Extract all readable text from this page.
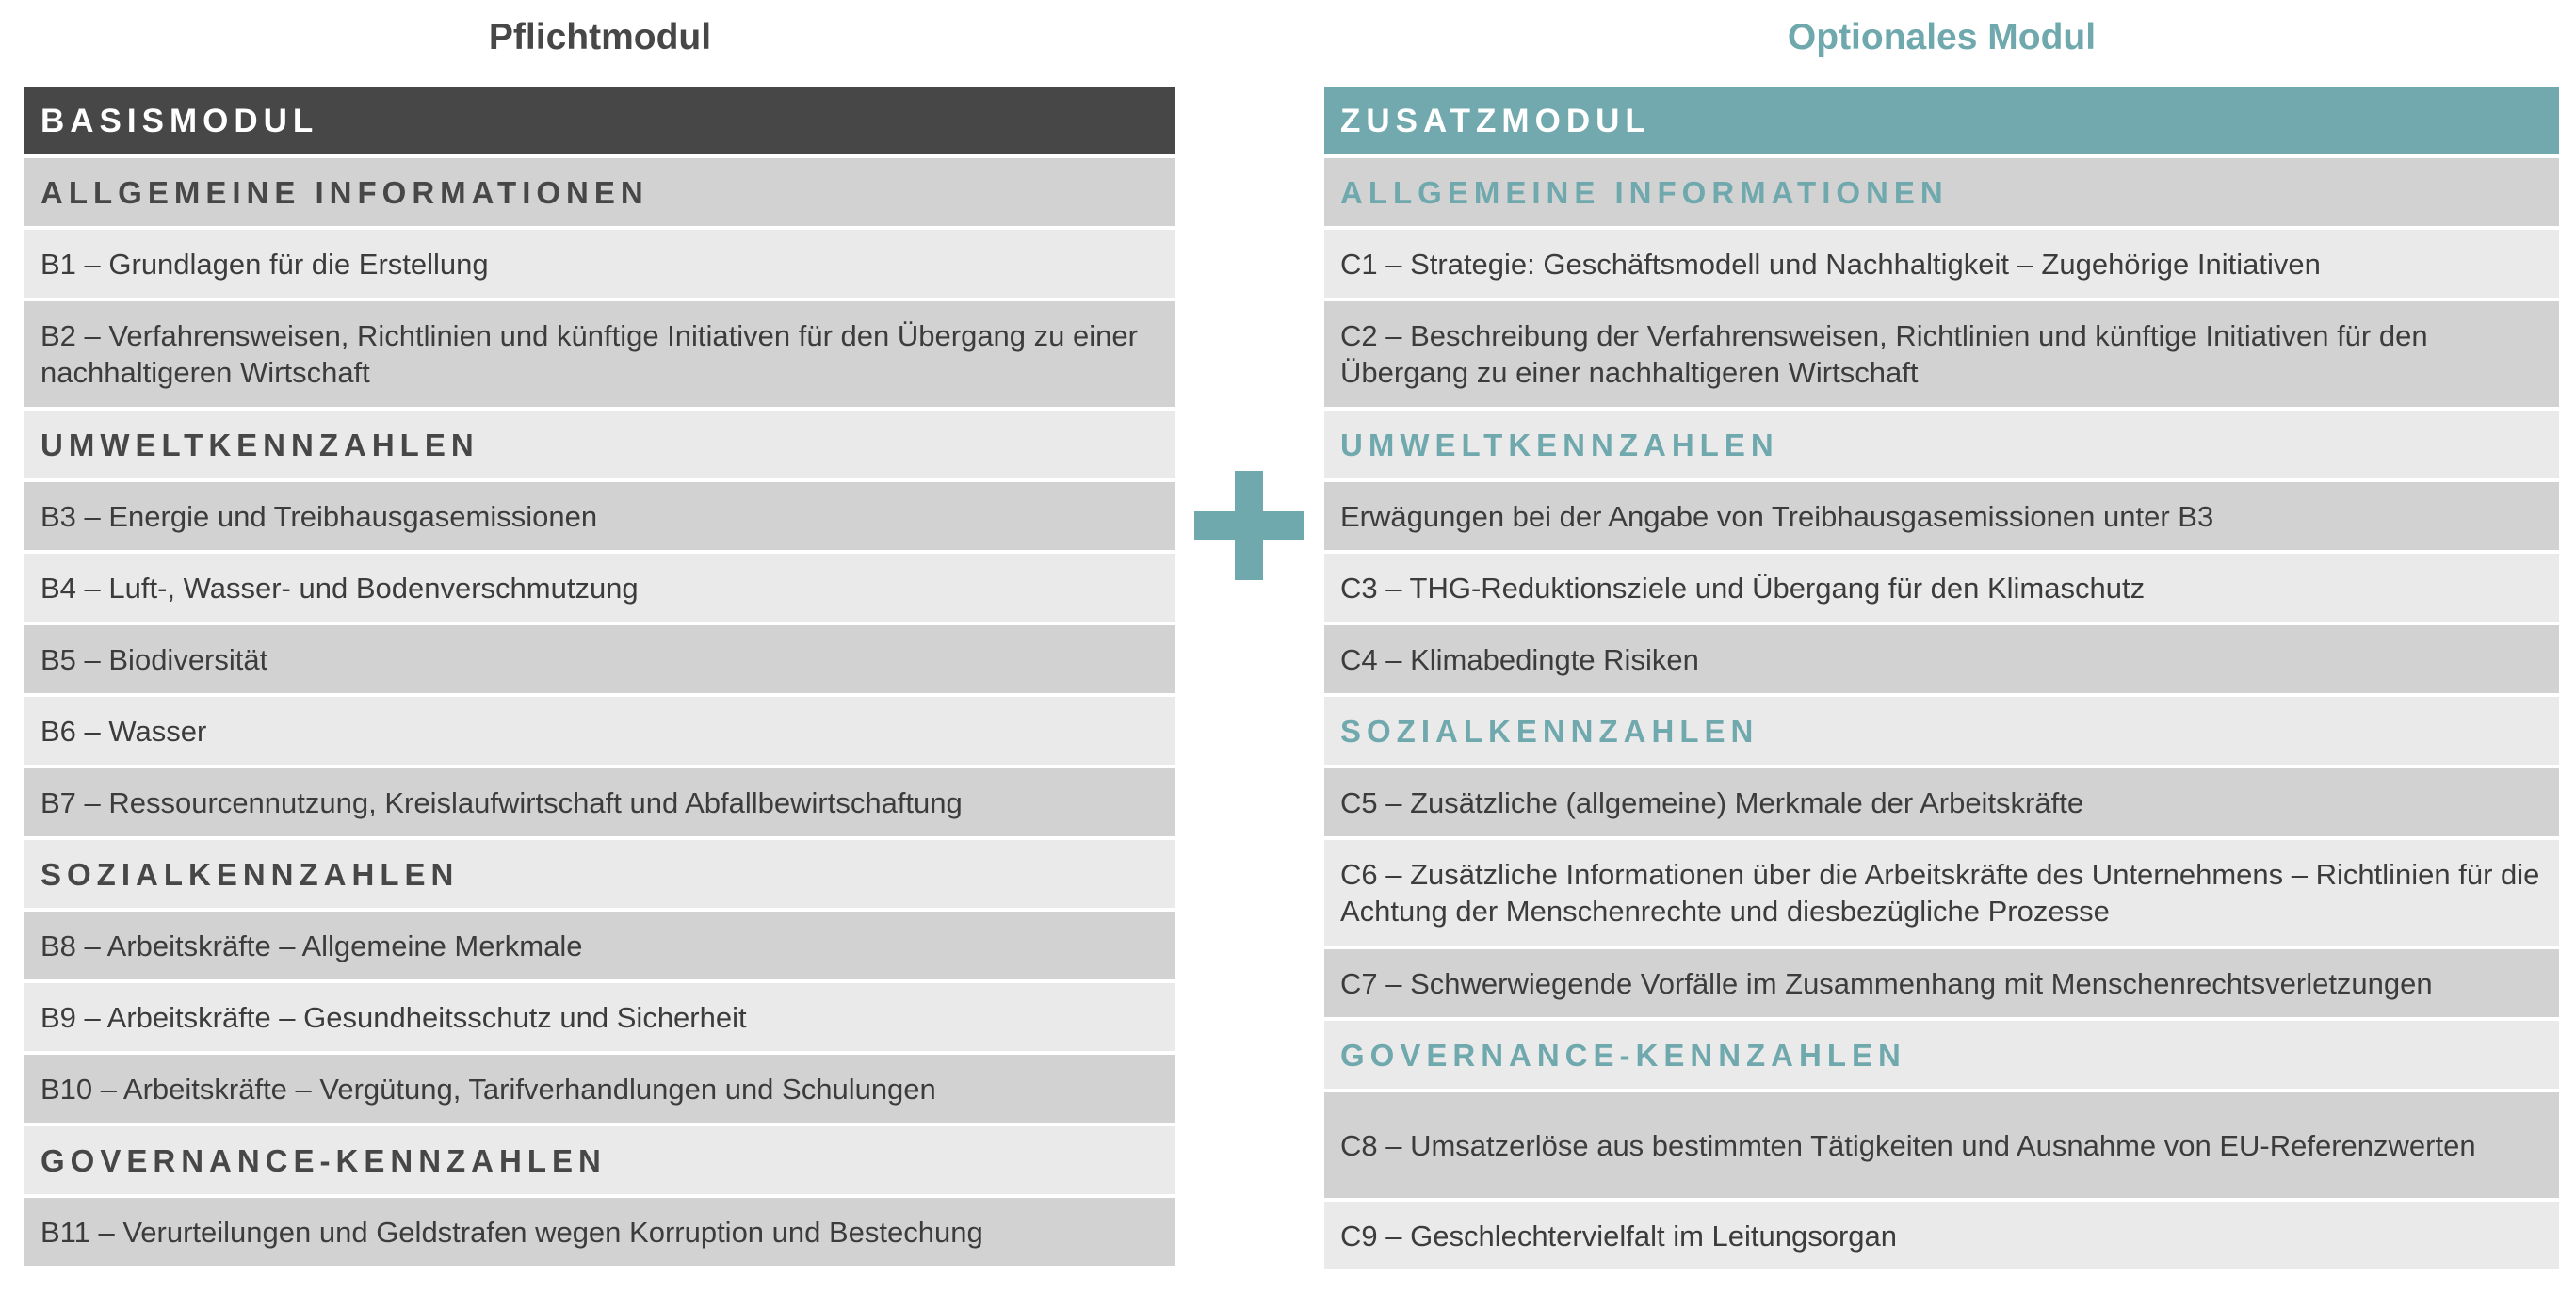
Pflichtmodul
BASISMODUL
ALLGEMEINE INFORMATIONEN
B1 – Grundlagen für die Erstellung
B2 – Verfahrensweisen, Richtlinien und künftige Initiativen für den Übergang zu einer nachhaltigeren Wirtschaft
UMWELTKENNZAHLEN
B3 – Energie und Treibhausgasemissionen
B4 – Luft-, Wasser- und Bodenverschmutzung
B5 – Biodiversität
B6 – Wasser
B7 – Ressourcennutzung, Kreislaufwirtschaft und Abfallbewirtschaftung
SOZIALKENNZAHLEN
B8 – Arbeitskräfte – Allgemeine Merkmale
B9 – Arbeitskräfte – Gesundheitsschutz und Sicherheit
B10 – Arbeitskräfte – Vergütung, Tarifverhandlungen und Schulungen
GOVERNANCE-KENNZAHLEN
B11 – Verurteilungen und Geldstrafen wegen Korruption und Bestechung
Optionales Modul
ZUSATZMODUL
ALLGEMEINE INFORMATIONEN
C1 – Strategie: Geschäftsmodell und Nachhaltigkeit – Zugehörige Initiativen
C2 – Beschreibung der Verfahrensweisen, Richtlinien und künftige Initiativen für den Übergang zu einer nachhaltigeren Wirtschaft
UMWELTKENNZAHLEN
Erwägungen bei der Angabe von Treibhausgasemissionen unter B3
C3 – THG-Reduktionsziele und Übergang für den Klimaschutz
C4 – Klimabedingte Risiken
SOZIALKENNZAHLEN
C5 – Zusätzliche (allgemeine) Merkmale der Arbeitskräfte
C6 – Zusätzliche Informationen über die Arbeitskräfte des Unternehmens – Richtlinien für die Achtung der Menschenrechte und diesbezügliche Prozesse
C7 – Schwerwiegende Vorfälle im Zusammenhang mit Menschenrechtsverletzungen
GOVERNANCE-KENNZAHLEN
C8 – Umsatzerlöse aus bestimmten Tätigkeiten und Ausnahme von EU-Referenzwerten
C9 – Geschlechtervielfalt im Leitungsorgan
